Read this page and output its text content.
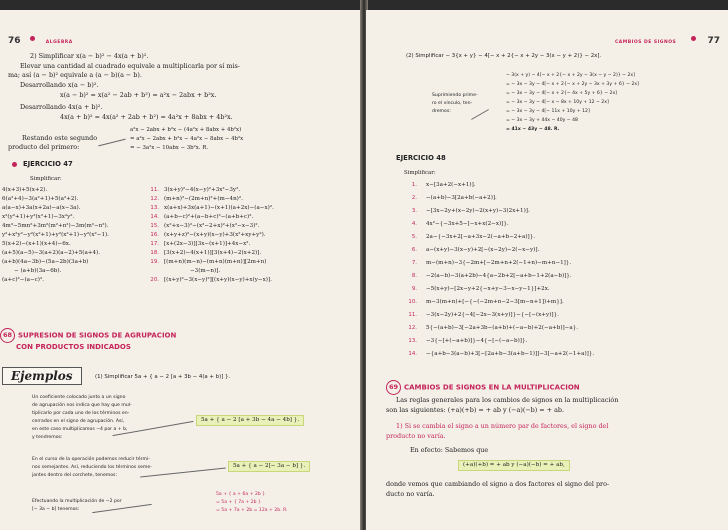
76	ALGEBRA
2) Simplificar x(a − b)² − 4x(a + b)².
Elevar una cantidad al cuadrado equivale a multiplicarla por sí mis-
ma; así (a − b)² equivale a (a − b)(a − b).
Desarrollando x(a − b)².
x(a − b)² = x(a² − 2ab + b²) = a²x − 2abx + b²x.
Desarrollando 4x(a + b)².
4x(a + b)² = 4x(a² + 2ab + b²) = 4a²x + 8abx + 4b²x.
a²x − 2abx + b²x − (4a²x + 8abx + 4b²x)
Restando este segundo	= a²x − 2abx + b²x − 4a²x − 8abx − 4b²x
producto del primero:	= − 3a²x − 10abx − 3b²x. R.
EJERCICIO 47
Simplificar:
4(x+3)+5(x+2).
6(a²+4)−3(a²+1)+5(a²+2).
a(a−x)+3a(x+2a)−a(x−3a).
x²(y²+1)+y²(x²+1)−3x²y².
4m³−5mn²+3m²(m²+n²)−3m(m²−n²).
y²+x²y²−y²(x²+1)+y²(x²+1)−y²(x²−1).
5(x+2)−(x+1)(x+4)−6x.
(a+5)(a−5)−3(a+2)(a−2)+5(a+4).
(a+b)(4a−3b)−(5a−2b)(3a+b)
− (a+b)(3a−6b).
(a+c)²−(a−c)².
11.
12.
13.
14.
15.
16.
17.
18.
19.
20.
3(x+y)²−4(x−y)²+3x²−3y².
(m+n)²−(2m+n)²+(m−4n)².
x(a+x)+3x(a+1)−(x+1)(a+2x)−(a−x)².
(a+b−c)²+(a−b+c)²−(a+b+c)².
(x²+x−3)²−(x²−2+x)²+(x²−x−3)².
(x+y+z)²−(x+y)(x−y)+3(x²+xy+y²).
[x+(2x−3)][3x−(x+1)]+4x−x².
[3(x+2)−4(x+1)][3(x+4)−2(x+2)].
[(m+n)(m−n)−(m+n)(m+n)][2m+n)
−3(m−n)].
[(x+y)²−3(x−y)²][(x+y)(x−y)+x(y−x)].
68 SUPRESION DE SIGNOS DE AGRUPACION
CON PRODUCTOS INDICADOS
Ejemplos	(1) Simplificar 5a + { a − 2 [a + 3b − 4(a + b)] }.
Un coeficiente colocado junto a un signo
de agrupación nos indica que hay que mul-
tiplicarlo por cada uno de los términos en-
cerrados en el signo de agrupación. Así,
en este caso multiplicamos −4 por a + b,
y tendremos:
5a + { a − 2 [a + 3b − 4a − 4b] }.
En el curso de la operación podemos reducir térmi-
nos semejantes. Así, reduciendo los términos seme-
jantes dentro del corchete, tenemos:
5a + { a − 2[− 3a − b] }.
Efectuando la multiplicación de −2 por
[− 3a − b] tenemos:
5a + { a + 6a + 2b }
= 5a + { 7a + 2b }
= 5a + 7a + 2b = 12a + 2b. R.
CAMBIOS DE SIGNOS	77
(2) Simplificar − 3{x + y} − 4[− x + 2{− x + 2y − 3(x − y + 2)} − 2x].
Suprimiendo prime-
ro el vínculo, ten-
dremos:
− 3(x + y) − 4[− x + 2{− x + 2y − 3(x − y − 2)} − 2x]
= − 3x − 3y − 4[− x + 2{− x + 2y − 3x + 3y + 6} − 2x]
= − 3x − 3y − 4[− x + 2{− 4x + 5y + 6} − 2x]
= − 3x − 3y − 4[− x − 8x + 10y + 12 − 2x]
= − 3x − 3y − 4[− 11x + 10y + 12]
= − 3x − 3y + 44x − 40y − 48
= 41x − 43y − 48. R.
EJERCICIO 48
Simplificar:
1. x−[3a+2(−x+1)].
2. −(a+b)−3[2a+b(−a+2)].
3. −[3x−2y+(x−2y)−2(x+y)−3(2x+1)].
4. 4x²−{−3x+5−[−x+x(2−x)]}.
5. 2a−{−3x+2[−a+3x−2(−a+b−2+a)]}.
6. a−(x+y)−3(x−y)+2[−(x−2y)−2(−x−y)].
7. m−(m+n)−3{−2m+[−2m+n+2(−1+n)−m+n−1]}.
8. −2(a−b)−3(a+2b)−4{a−2b+2[−a+b−1+2(a−b)]}.
9. −5(x+y)−[2x−y+2{−x+y−3−x−y−1}]+2x.
10. m−3(m+n)+[−{−(−2m+n−2−3[m−n+1])+m}].
11. −3(x−2y)+2{−4[−2x−3(x+y)]}−{−[−(x+y)]}.
12. 5{−(a+b)−3[−2a+3b−(a+b)+(−a−b)+2(−a+b)]−a}.
13. −3{−[+(−a+b)]}−4{−[−(−a−b)]}.
14. −{a+b−3(a−b)+3[−[2a+b−3(a+b−1)]]−3[−a+2(−1+a)]}.
69 CAMBIOS DE SIGNOS EN LA MULTIPLICACION
Las reglas generales para los cambios de signos en la multiplicación
son las siguientes: (+a)(+b) = + ab y (−a)(−b) = + ab.
1) Si se cambia el signo a un número par de factores, el signo del
producto no varía.
En efecto: Sabemos que
(+a)(+b) = + ab y (−a)(−b) = + ab,
donde vemos que cambiando el signo a dos factores el signo del pro-
ducto no varía.
